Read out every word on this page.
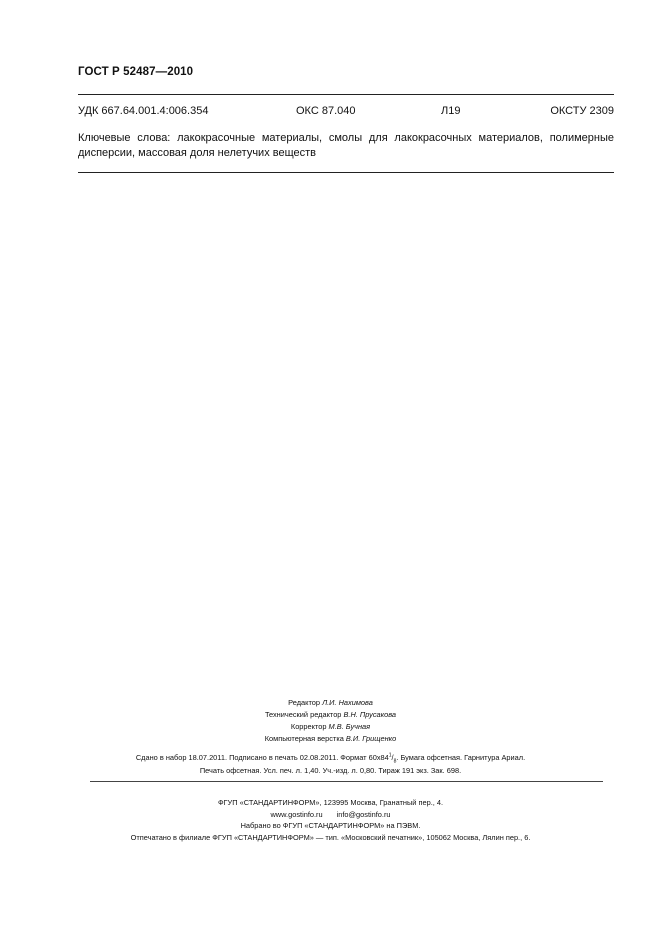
ГОСТ Р 52487—2010
УДК 667.64.001.4:006.354	ОКС 87.040	Л19	ОКСТУ 2309
Ключевые слова: лакокрасочные материалы, смолы для лакокрасочных материалов, полимерные дисперсии, массовая доля нелетучих веществ
Редактор Л.И. Нахимова
Технический редактор В.Н. Прусакова
Корректор М.В. Бучная
Компьютерная верстка В.И. Грищенко
Сдано в набор 18.07.2011. Подписано в печать 02.08.2011. Формат $60x84^1/_8$. Бумага офсетная. Гарнитура Ариал.
Печать офсетная. Усл. печ. л. 1,40. Уч.-изд. л. 0,80. Тираж 191 экз. Зак. 698.
ФГУП «СТАНДАРТИНФОРМ», 123995 Москва, Гранатный пер., 4.
www.gostinfo.ru info@gostinfo.ru
Набрано во ФГУП «СТАНДАРТИНФОРМ» на ПЭВМ.
Отпечатано в филиале ФГУП «СТАНДАРТИНФОРМ» — тип. «Московский печатник», 105062 Москва, Лялин пер., 6.
